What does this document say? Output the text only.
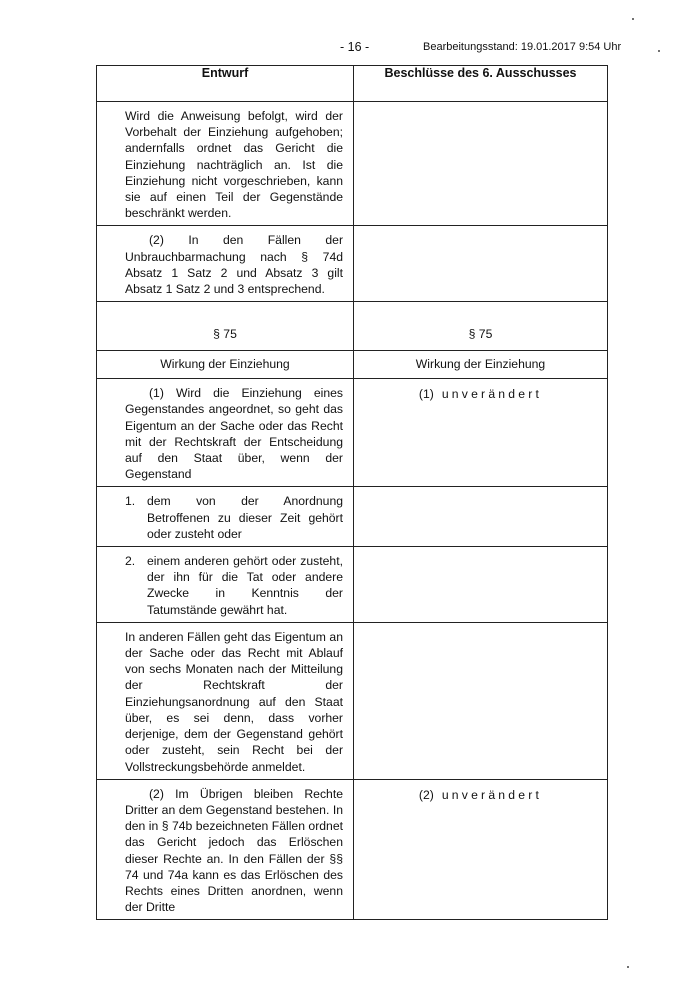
- 16 -	Bearbeitungsstand: 19.01.2017 9:54 Uhr
Entwurf	Beschlüsse des 6. Ausschusses

Wird die Anweisung befolgt, wird der Vorbehalt der Einziehung aufgehoben; andernfalls ordnet das Gericht die Einziehung nachträglich an. Ist die Einziehung nicht vorgeschrieben, kann sie auf einen Teil der Gegenstände beschränkt werden.	

(2) In den Fällen der Unbrauchbarmachung nach § 74d Absatz 1 Satz 2 und Absatz 3 gilt Absatz 1 Satz 2 und 3 entsprechend.	

§ 75	§ 75

Wirkung der Einziehung	Wirkung der Einziehung

(1) Wird die Einziehung eines Gegenstandes angeordnet, so geht das Eigentum an der Sache oder das Recht mit der Rechtskraft der Entscheidung auf den Staat über, wenn der Gegenstand	(1) unverändert

1. dem von der Anordnung Betroffenen zu dieser Zeit gehört oder zusteht oder	

2. einem anderen gehört oder zusteht, der ihn für die Tat oder andere Zwecke in Kenntnis der Tatumstände gewährt hat.	

In anderen Fällen geht das Eigentum an der Sache oder das Recht mit Ablauf von sechs Monaten nach der Mitteilung der Rechtskraft der Einziehungsanordnung auf den Staat über, es sei denn, dass vorher derjenige, dem der Gegenstand gehört oder zusteht, sein Recht bei der Vollstreckungsbehörde anmeldet.	

(2) Im Übrigen bleiben Rechte Dritter an dem Gegenstand bestehen. In den in § 74b bezeichneten Fällen ordnet das Gericht jedoch das Erlöschen dieser Rechte an. In den Fällen der §§ 74 und 74a kann es das Erlöschen des Rechts eines Dritten anordnen, wenn der Dritte	(2) unverändert
